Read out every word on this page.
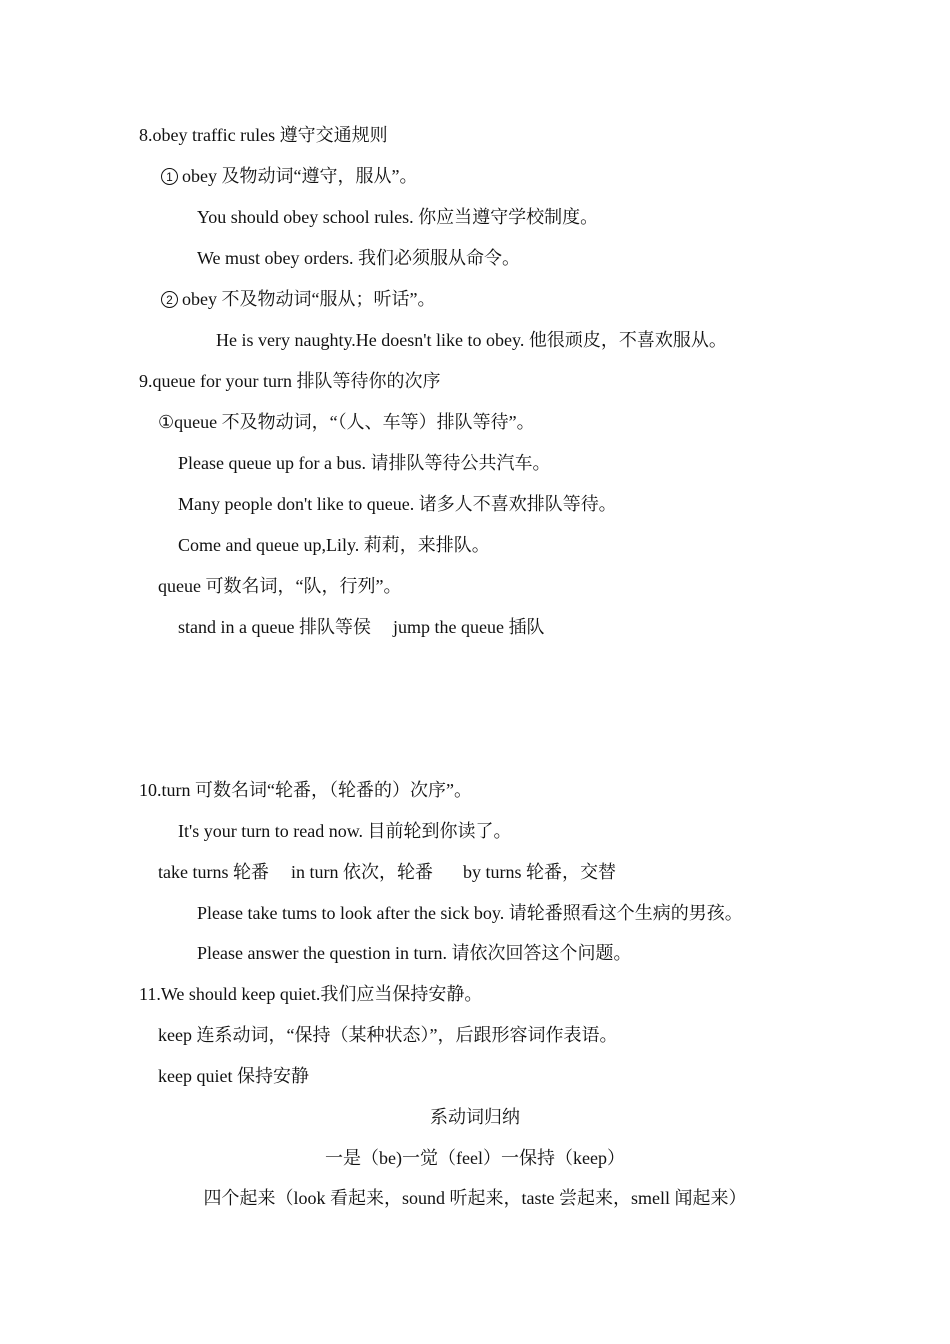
8.obey traffic rules 遵守交通规则
1 obey 及物动词“遵守，服从”。
You should obey school rules. 你应当遵守学校制度。
We must obey orders. 我们必须服从命令。
2 obey 不及物动词“服从；听话”。
He is very naughty.He doesn't like to obey. 他很顽皮，不喜欢服从。
9.queue for your turn 排队等待你的次序
①queue 不及物动词，“（人、车等）排队等待”。
Please queue up for a bus. 请排队等待公共汽车。
Many people don't like to queue. 诸多人不喜欢排队等待。
Come and queue up,Lily. 莉莉，来排队。
queue 可数名词，“队，行列”。
stand in a queue 排队等侯 jump the queue 插队
10.turn 可数名词“轮番，（轮番的）次序”。
It's your turn to read now. 目前轮到你读了。
take turns 轮番 in turn 依次，轮番 by turns 轮番，交替
Please take tums to look after the sick boy. 请轮番照看这个生病的男孩。
Please answer the question in turn. 请依次回答这个问题。
11.We should keep quiet.我们应当保持安静。
keep 连系动词，“保持（某种状态）”，后跟形容词作表语。
keep quiet 保持安静
系动词归纳
一是（be)一觉（feel）一保持（keep）
四个起来（look 看起来，sound 听起来，taste 尝起来，smell 闻起来）
